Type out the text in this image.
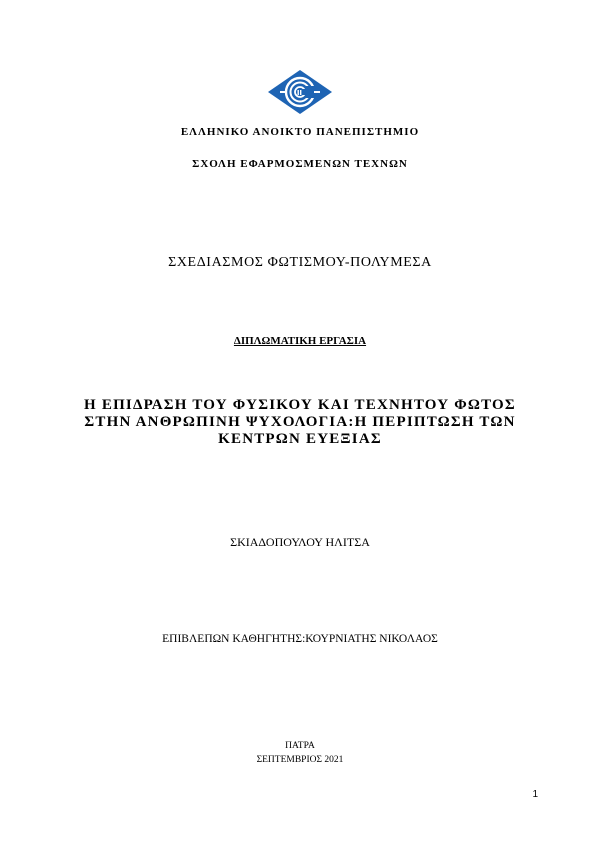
ΕΛΛΗΝΙΚΟ ΑΝΟΙΚΤΟ ΠΑΝΕΠΙΣΤΗΜΙΟ
ΣΧΟΛΗ ΕΦΑΡΜΟΣΜΕΝΩΝ ΤΕΧΝΩΝ
ΣΧΕΔΙΑΣΜΟΣ ΦΩΤΙΣΜΟΥ-ΠΟΛΥΜΕΣΑ
ΔΙΠΛΩΜΑΤΙΚΗ ΕΡΓΑΣΙΑ
Η ΕΠΙΔΡΑΣΗ ΤΟΥ ΦΥΣΙΚΟΥ ΚΑΙ ΤΕΧΝΗΤΟΥ ΦΩΤΟΣ
ΣΤΗΝ ΑΝΘΡΩΠΙΝΗ ΨΥΧΟΛΟΓΙΑ:Η ΠΕΡΙΠΤΩΣΗ ΤΩΝ
ΚΕΝΤΡΩΝ ΕΥΕΞΙΑΣ
ΣΚΙΑΔΟΠΟΥΛΟΥ ΗΛΙΤΣΑ
ΕΠΙΒΛΕΠΩΝ ΚΑΘΗΓΗΤΗΣ:ΚΟΥΡΝΙΑΤΗΣ ΝΙΚΟΛΑΟΣ
ΠΑΤΡΑ
ΣΕΠΤΕΜΒΡΙΟΣ 2021
1
